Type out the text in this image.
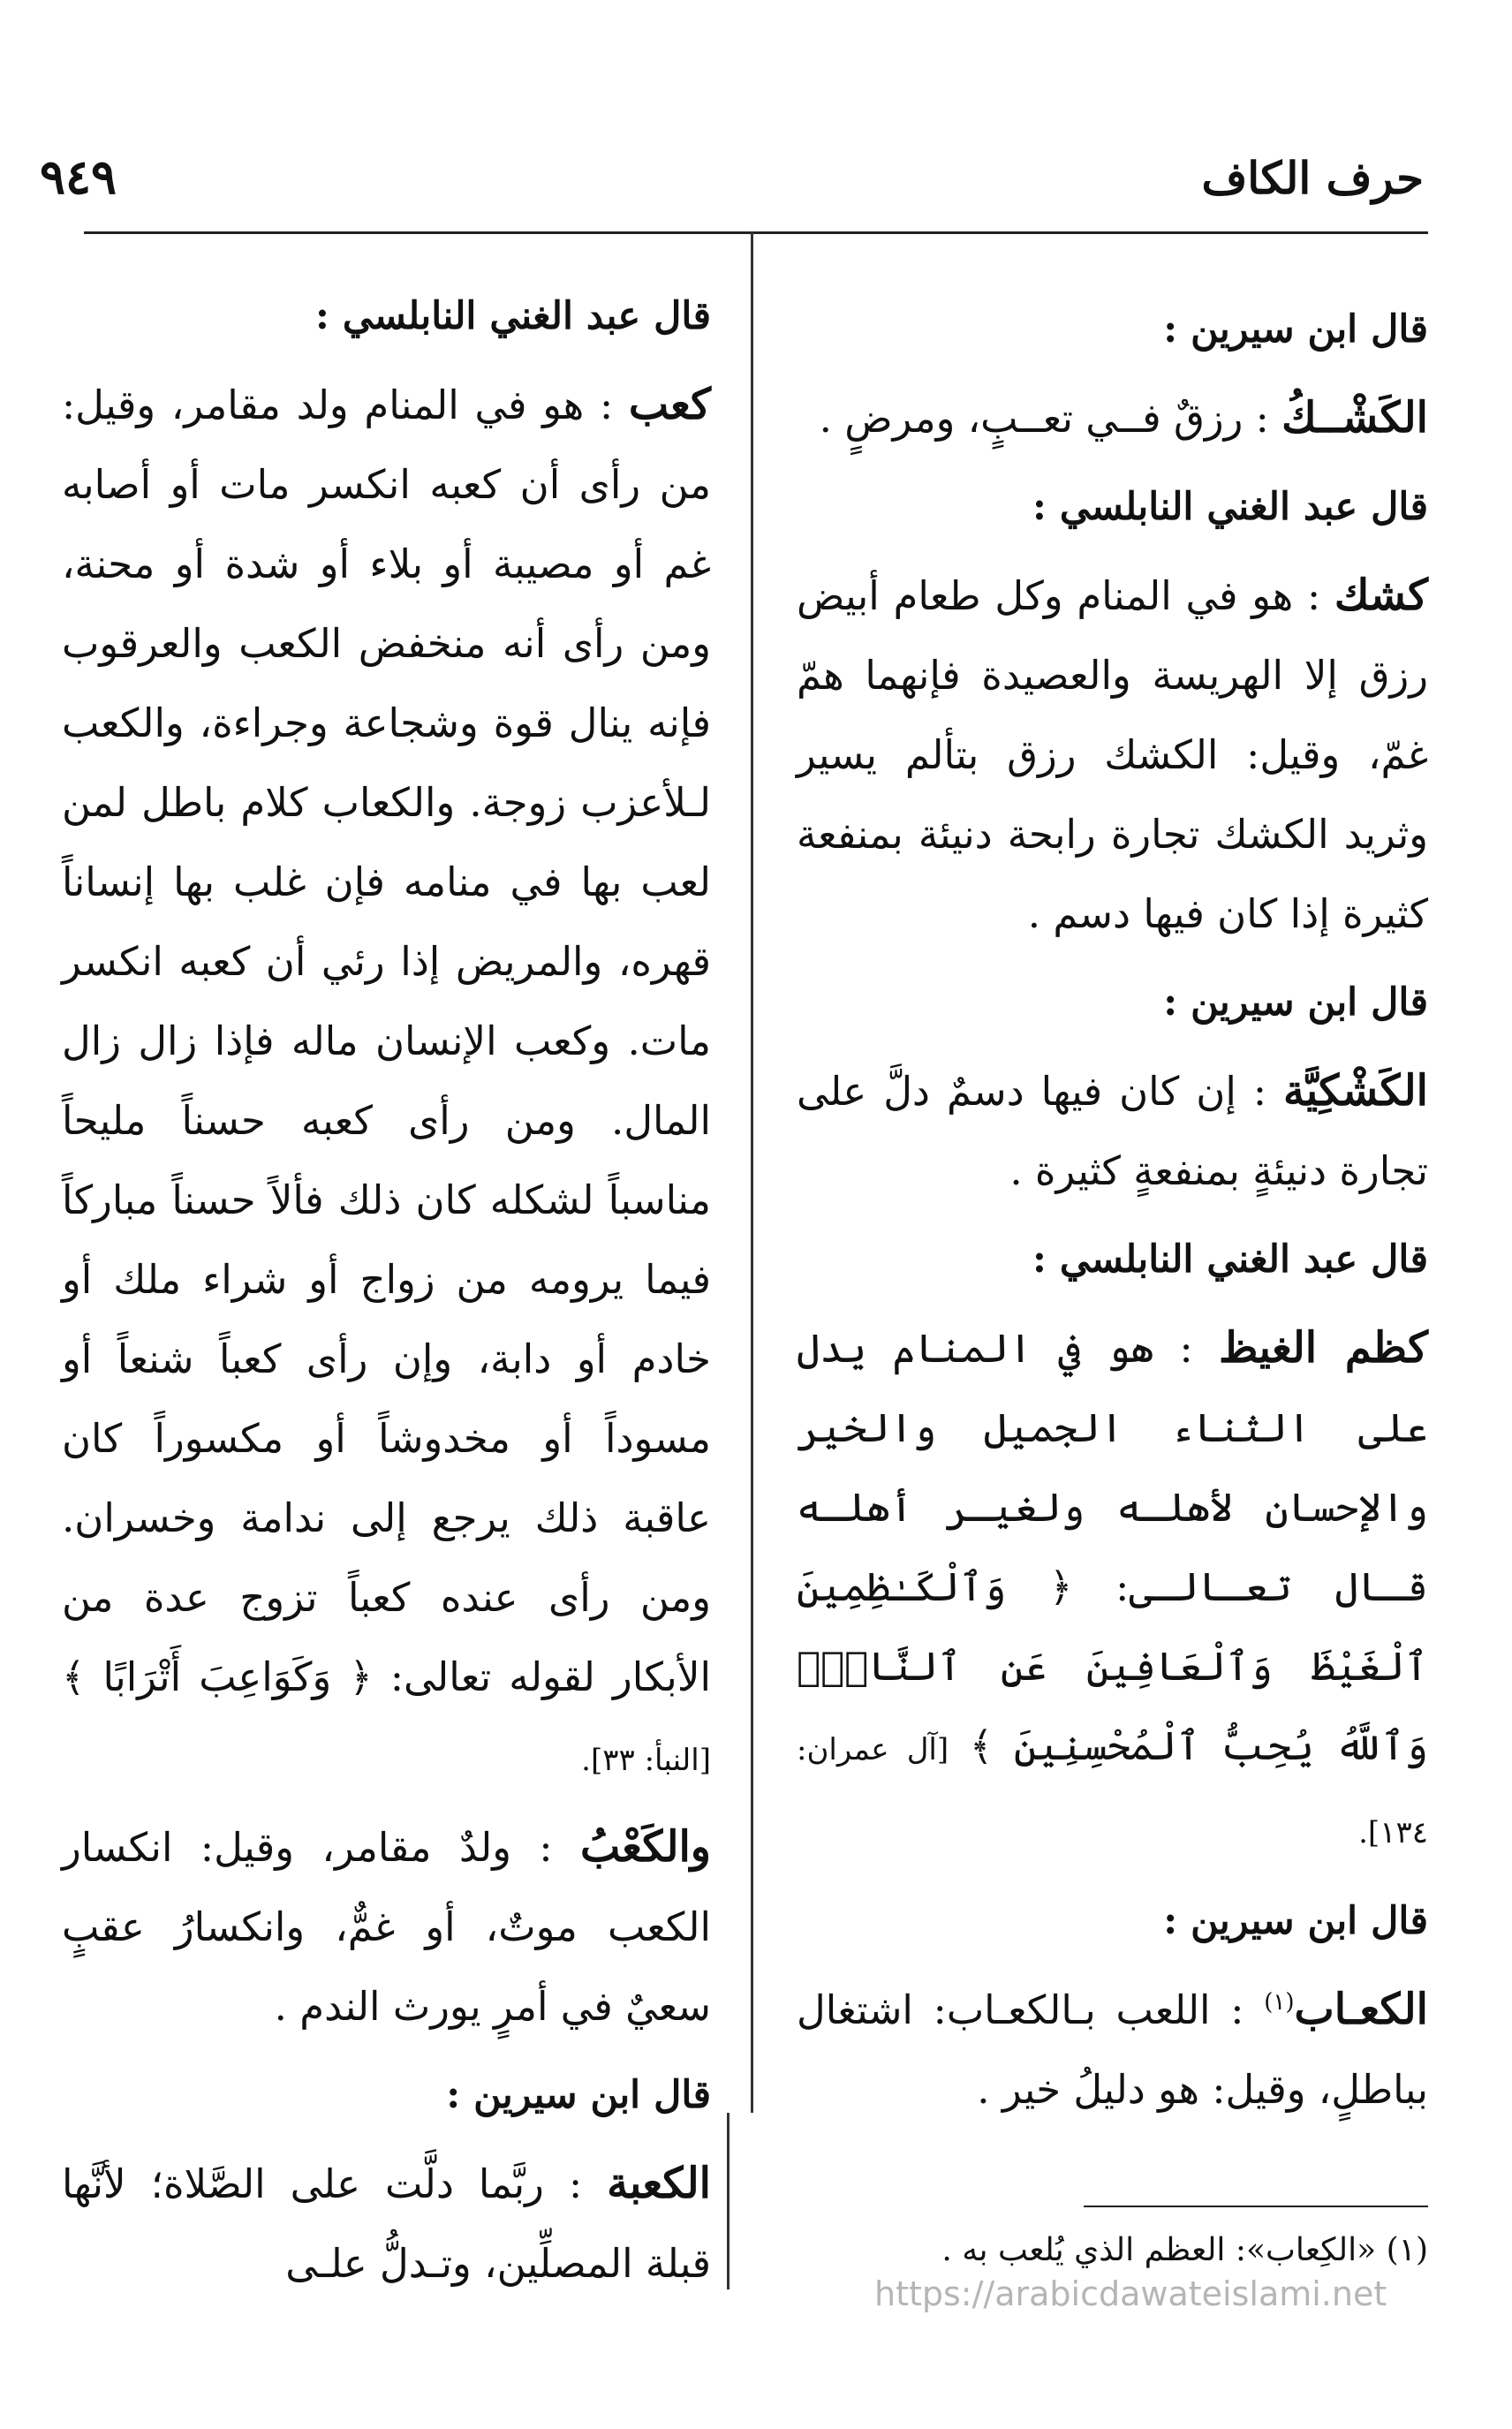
حرف الكاف
٩٤٩
قال ابن سيرين :

الكَشْــكُ : رزقٌ فــي تعــبٍ، ومرضٍ .

قال عبد الغني النابلسي :

كشك : هو في المنام وكل طعام أبيض رزق إلا الهريسة والعصيدة فإنهما همّ غمّ، وقيل: الكشك رزق بتألم يسير وثريد الكشك تجارة رابحة دنيئة بمنفعة كثيرة إذا كان فيها دسم .

قال ابن سيرين :

الكَشْكِيَّة : إن كان فيها دسمٌ دلَّ على تجارة دنيئةٍ بمنفعةٍ كثيرة .

قال عبد الغني النابلسي :

كظم الغيظ : هو في المنام يدل على الثناء الجميل والخير والإحسان لأهلـه ولغيـر أهلـه قـال تعـالـى: ﴿ وَٱلْكَـٰظِمِينَ ٱلْغَيْظَ وَٱلْعَافِينَ عَنِ ٱلنَّاسِۗ وَٱللَّهُ يُحِبُّ ٱلْمُحْسِنِينَ ﴾ [آل عمران: ١٣٤].

قال ابن سيرين :

الكعـاب$^{(١)}$ : اللعب بـالكعـاب: اشتغال بباطلٍ، وقيل: هو دليلُ خير .

قال عبد الغني النابلسي :

كعب : هو في المنام ولد مقامر، وقيل: من رأى أن كعبه انكسر مات أو أصابه غم أو مصيبة أو بلاء أو شدة أو محنة، ومن رأى أنه منخفض الكعب والعرقوب فإنه ينال قوة وشجاعة وجراءة، والكعب لـلأعزب زوجة. والكعاب كلام باطل لمن لعب بها في منامه فإن غلب بها إنساناً قهره، والمريض إذا رئي أن كعبه انكسر مات. وكعب الإنسان ماله فإذا زال زال المال. ومن رأى كعبه حسناً مليحاً مناسباً لشكله كان ذلك فألاً حسناً مباركاً فيما يرومه من زواج أو شراء ملك أو خادم أو دابة، وإن رأى كعباً شنعاً أو مسوداً أو مخدوشاً أو مكسوراً كان عاقبة ذلك يرجع إلى ندامة وخسران. ومن رأى عنده كعباً تزوج عدة من الأبكار لقوله تعالى: ﴿ وَكَوَاعِبَ أَتْرَابًا ﴾ [النبأ: ٣٣].

والكَعْبُ : ولدٌ مقامر، وقيل: انكسار الكعب موتٌ، أو غمٌّ، وانكسارُ عقبٍ سعيٌ في أمرٍ يورث الندم .

قال ابن سيرين :

الكعبة : ربَّما دلَّت على الصَّلاة؛ لأنَّها قبلة المصلِّين، وتـدلُّ علـى	(١) «الكِعاب»: العظم الذي يُلعب به .
https://arabicdawateislami.net
